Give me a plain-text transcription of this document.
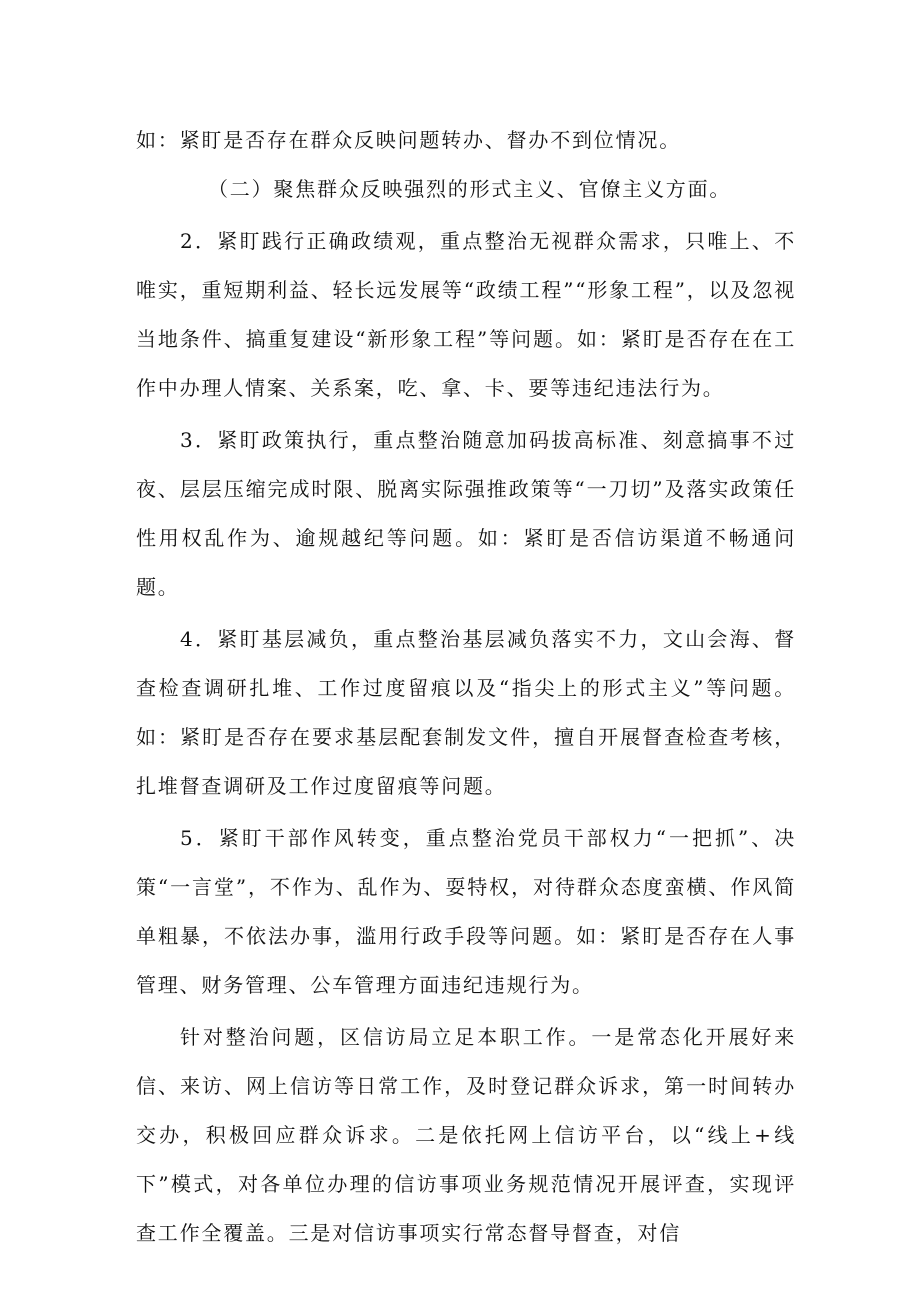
如：紧盯是否存在群众反映问题转办、督办不到位情况。

（二）聚焦群众反映强烈的形式主义、官僚主义方面。

2．紧盯践行正确政绩观，重点整治无视群众需求，只唯上、不唯实，重短期利益、轻长远发展等“政绩工程”“形象工程”，以及忽视当地条件、搞重复建设“新形象工程”等问题。如：紧盯是否存在在工作中办理人情案、关系案，吃、拿、卡、要等违纪违法行为。

3．紧盯政策执行，重点整治随意加码拔高标准、刻意搞事不过夜、层层压缩完成时限、脱离实际强推政策等“一刀切”及落实政策任性用权乱作为、逾规越纪等问题。如：紧盯是否信访渠道不畅通问题。

4．紧盯基层减负，重点整治基层减负落实不力，文山会海、督查检查调研扎堆、工作过度留痕以及“指尖上的形式主义”等问题。如：紧盯是否存在要求基层配套制发文件，擅自开展督查检查考核，扎堆督查调研及工作过度留痕等问题。

5．紧盯干部作风转变，重点整治党员干部权力“一把抓”、决策“一言堂”，不作为、乱作为、耍特权，对待群众态度蛮横、作风简单粗暴，不依法办事，滥用行政手段等问题。如：紧盯是否存在人事管理、财务管理、公车管理方面违纪违规行为。

针对整治问题，区信访局立足本职工作。一是常态化开展好来信、来访、网上信访等日常工作，及时登记群众诉求，第一时间转办交办，积极回应群众诉求。二是依托网上信访平台，以“线上+线下”模式，对各单位办理的信访事项业务规范情况开展评查，实现评查工作全覆盖。三是对信访事项实行常态督导督查，对信
